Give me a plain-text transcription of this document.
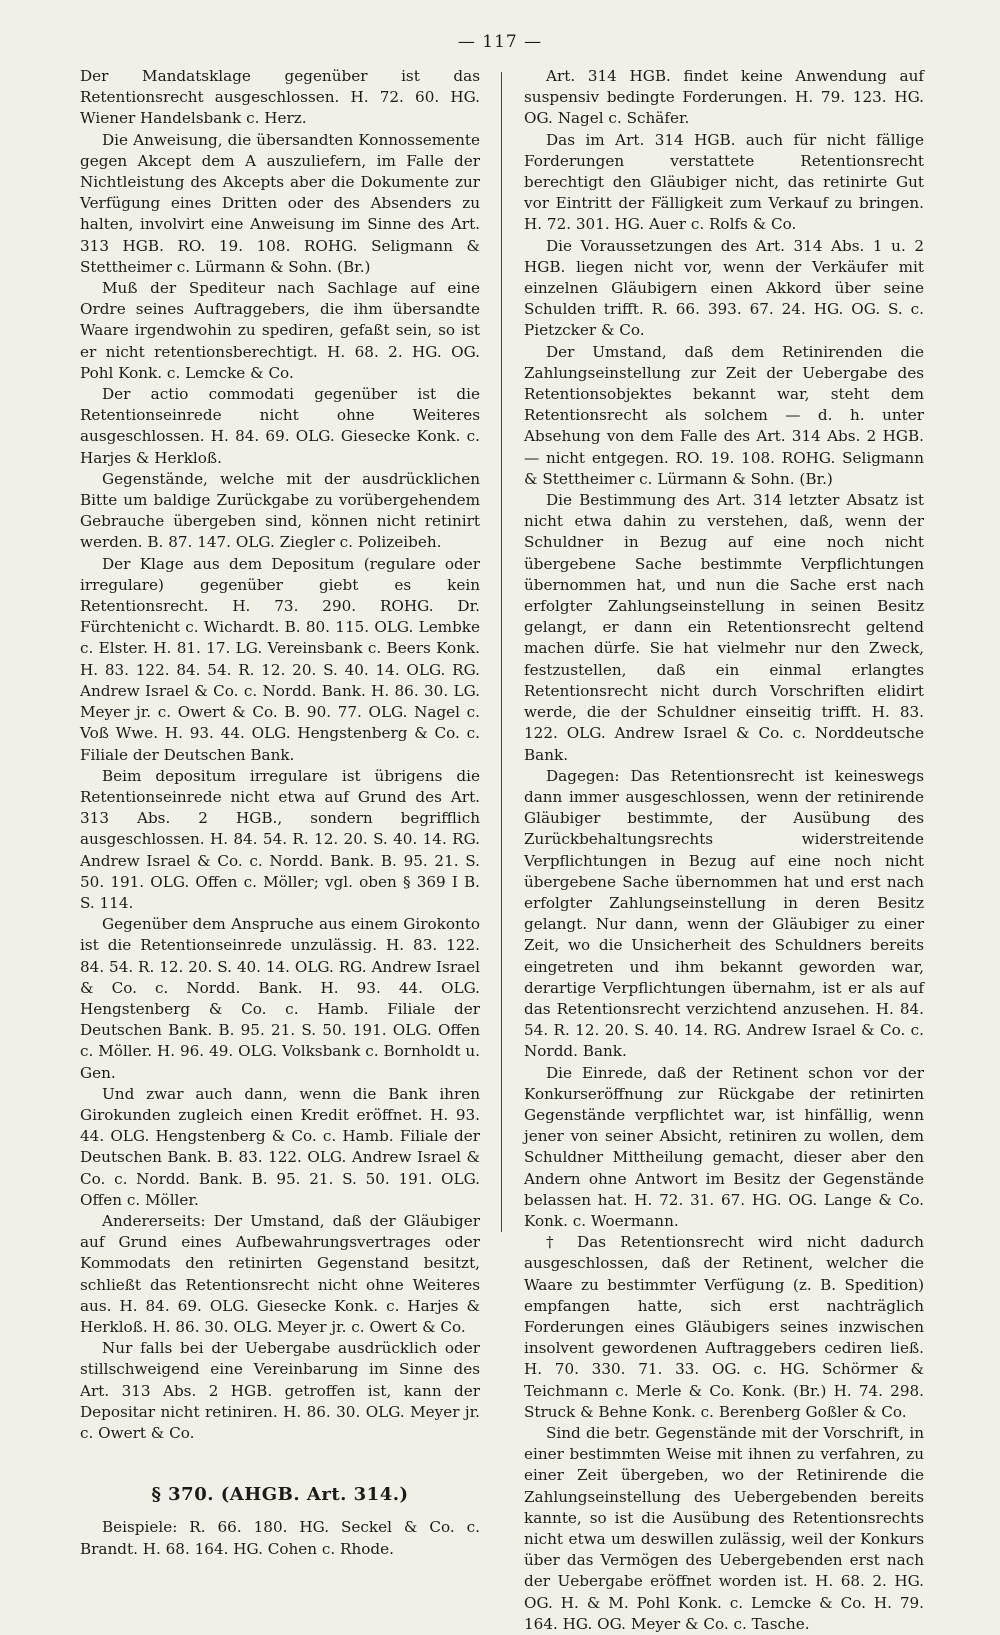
— 117 —

Der Mandatsklage gegenüber ist das Retentionsrecht ausgeschlossen. H. 72. 60. HG. Wiener Handelsbank c. Herz.

Die Anweisung, die übersandten Konnossemente gegen Akcept dem A auszuliefern, im Falle der Nichtleistung des Akcepts aber die Dokumente zur Verfügung eines Dritten oder des Absenders zu halten, involvirt eine Anweisung im Sinne des Art. 313 HGB. RO. 19. 108. ROHG. Seligmann & Stettheimer c. Lürmann & Sohn. (Br.)

Muß der Spediteur nach Sachlage auf eine Ordre seines Auftraggebers, die ihm übersandte Waare irgendwohin zu spediren, gefaßt sein, so ist er nicht retentionsberechtigt. H. 68. 2. HG. OG. Pohl Konk. c. Lemcke & Co.

Der actio commodati gegenüber ist die Retentionseinrede nicht ohne Weiteres ausgeschlossen. H. 84. 69. OLG. Giesecke Konk. c. Harjes & Herkloß.

Gegenstände, welche mit der ausdrücklichen Bitte um baldige Zurückgabe zu vorübergehendem Gebrauche übergeben sind, können nicht retinirt werden. B. 87. 147. OLG. Ziegler c. Polizeibeh.

Der Klage aus dem Depositum (regulare oder irregulare) gegenüber giebt es kein Retentionsrecht. H. 73. 290. ROHG. Dr. Fürchtenicht c. Wichardt. B. 80. 115. OLG. Lembke c. Elster. H. 81. 17. LG. Vereinsbank c. Beers Konk. H. 83. 122. 84. 54. R. 12. 20. S. 40. 14. OLG. RG. Andrew Israel & Co. c. Nordd. Bank. H. 86. 30. LG. Meyer jr. c. Owert & Co. B. 90. 77. OLG. Nagel c. Voß Wwe. H. 93. 44. OLG. Hengstenberg & Co. c. Filiale der Deutschen Bank.

Beim depositum irregulare ist übrigens die Retentionseinrede nicht etwa auf Grund des Art. 313 Abs. 2 HGB., sondern begrifflich ausgeschlossen. H. 84. 54. R. 12. 20. S. 40. 14. RG. Andrew Israel & Co. c. Nordd. Bank. B. 95. 21. S. 50. 191. OLG. Offen c. Möller; vgl. oben § 369 I B. S. 114.

Gegenüber dem Anspruche aus einem Girokonto ist die Retentionseinrede unzulässig. H. 83. 122. 84. 54. R. 12. 20. S. 40. 14. OLG. RG. Andrew Israel & Co. c. Nordd. Bank. H. 93. 44. OLG. Hengstenberg & Co. c. Hamb. Filiale der Deutschen Bank. B. 95. 21. S. 50. 191. OLG. Offen c. Möller. H. 96. 49. OLG. Volksbank c. Bornholdt u. Gen.

Und zwar auch dann, wenn die Bank ihren Girokunden zugleich einen Kredit eröffnet. H. 93. 44. OLG. Hengstenberg & Co. c. Hamb. Filiale der Deutschen Bank. B. 83. 122. OLG. Andrew Israel & Co. c. Nordd. Bank. B. 95. 21. S. 50. 191. OLG. Offen c. Möller.

Andererseits: Der Umstand, daß der Gläubiger auf Grund eines Aufbewahrungsvertrages oder Kommodats den retinirten Gegenstand besitzt, schließt das Retentionsrecht nicht ohne Weiteres aus. H. 84. 69. OLG. Giesecke Konk. c. Harjes & Herkloß. H. 86. 30. OLG. Meyer jr. c. Owert & Co.

Nur falls bei der Uebergabe ausdrücklich oder stillschweigend eine Vereinbarung im Sinne des Art. 313 Abs. 2 HGB. getroffen ist, kann der Depositar nicht retiniren. H. 86. 30. OLG. Meyer jr. c. Owert & Co.

§ 370. (AHGB. Art. 314.)

Beispiele: R. 66. 180. HG. Seckel & Co. c. Brandt. H. 68. 164. HG. Cohen c. Rhode.

Art. 314 HGB. findet keine Anwendung auf suspensiv bedingte Forderungen. H. 79. 123. HG. OG. Nagel c. Schäfer.

Das im Art. 314 HGB. auch für nicht fällige Forderungen verstattete Retentionsrecht berechtigt den Gläubiger nicht, das retinirte Gut vor Eintritt der Fälligkeit zum Verkauf zu bringen. H. 72. 301. HG. Auer c. Rolfs & Co.

Die Voraussetzungen des Art. 314 Abs. 1 u. 2 HGB. liegen nicht vor, wenn der Verkäufer mit einzelnen Gläubigern einen Akkord über seine Schulden trifft. R. 66. 393. 67. 24. HG. OG. S. c. Pietzcker & Co.

Der Umstand, daß dem Retinirenden die Zahlungseinstellung zur Zeit der Uebergabe des Retentionsobjektes bekannt war, steht dem Retentionsrecht als solchem — d. h. unter Absehung von dem Falle des Art. 314 Abs. 2 HGB. — nicht entgegen. RO. 19. 108. ROHG. Seligmann & Stettheimer c. Lürmann & Sohn. (Br.)

Die Bestimmung des Art. 314 letzter Absatz ist nicht etwa dahin zu verstehen, daß, wenn der Schuldner in Bezug auf eine noch nicht übergebene Sache bestimmte Verpflichtungen übernommen hat, und nun die Sache erst nach erfolgter Zahlungseinstellung in seinen Besitz gelangt, er dann ein Retentionsrecht geltend machen dürfe. Sie hat vielmehr nur den Zweck, festzustellen, daß ein einmal erlangtes Retentionsrecht nicht durch Vorschriften elidirt werde, die der Schuldner einseitig trifft. H. 83. 122. OLG. Andrew Israel & Co. c. Norddeutsche Bank.

Dagegen: Das Retentionsrecht ist keineswegs dann immer ausgeschlossen, wenn der retinirende Gläubiger bestimmte, der Ausübung des Zurückbehaltungsrechts widerstreitende Verpflichtungen in Bezug auf eine noch nicht übergebene Sache übernommen hat und erst nach erfolgter Zahlungseinstellung in deren Besitz gelangt. Nur dann, wenn der Gläubiger zu einer Zeit, wo die Unsicherheit des Schuldners bereits eingetreten und ihm bekannt geworden war, derartige Verpflichtungen übernahm, ist er als auf das Retentionsrecht verzichtend anzusehen. H. 84. 54. R. 12. 20. S. 40. 14. RG. Andrew Israel & Co. c. Nordd. Bank.

Die Einrede, daß der Retinent schon vor der Konkurseröffnung zur Rückgabe der retinirten Gegenstände verpflichtet war, ist hinfällig, wenn jener von seiner Absicht, retiniren zu wollen, dem Schuldner Mittheilung gemacht, dieser aber den Andern ohne Antwort im Besitz der Gegenstände belassen hat. H. 72. 31. 67. HG. OG. Lange & Co. Konk. c. Woermann.

† Das Retentionsrecht wird nicht dadurch ausgeschlossen, daß der Retinent, welcher die Waare zu bestimmter Verfügung (z. B. Spedition) empfangen hatte, sich erst nachträglich Forderungen eines Gläubigers seines inzwischen insolvent gewordenen Auftraggebers cediren ließ. H. 70. 330. 71. 33. OG. c. HG. Schörmer & Teichmann c. Merle & Co. Konk. (Br.) H. 74. 298. Struck & Behne Konk. c. Berenberg Goßler & Co.

Sind die betr. Gegenstände mit der Vorschrift, in einer bestimmten Weise mit ihnen zu verfahren, zu einer Zeit übergeben, wo der Retinirende die Zahlungseinstellung des Uebergebenden bereits kannte, so ist die Ausübung des Retentionsrechts nicht etwa um deswillen zulässig, weil der Konkurs über das Vermögen des Uebergebenden erst nach der Uebergabe eröffnet worden ist. H. 68. 2. HG. OG. H. & M. Pohl Konk. c. Lemcke & Co. H. 79. 164. HG. OG. Meyer & Co. c. Tasche.
